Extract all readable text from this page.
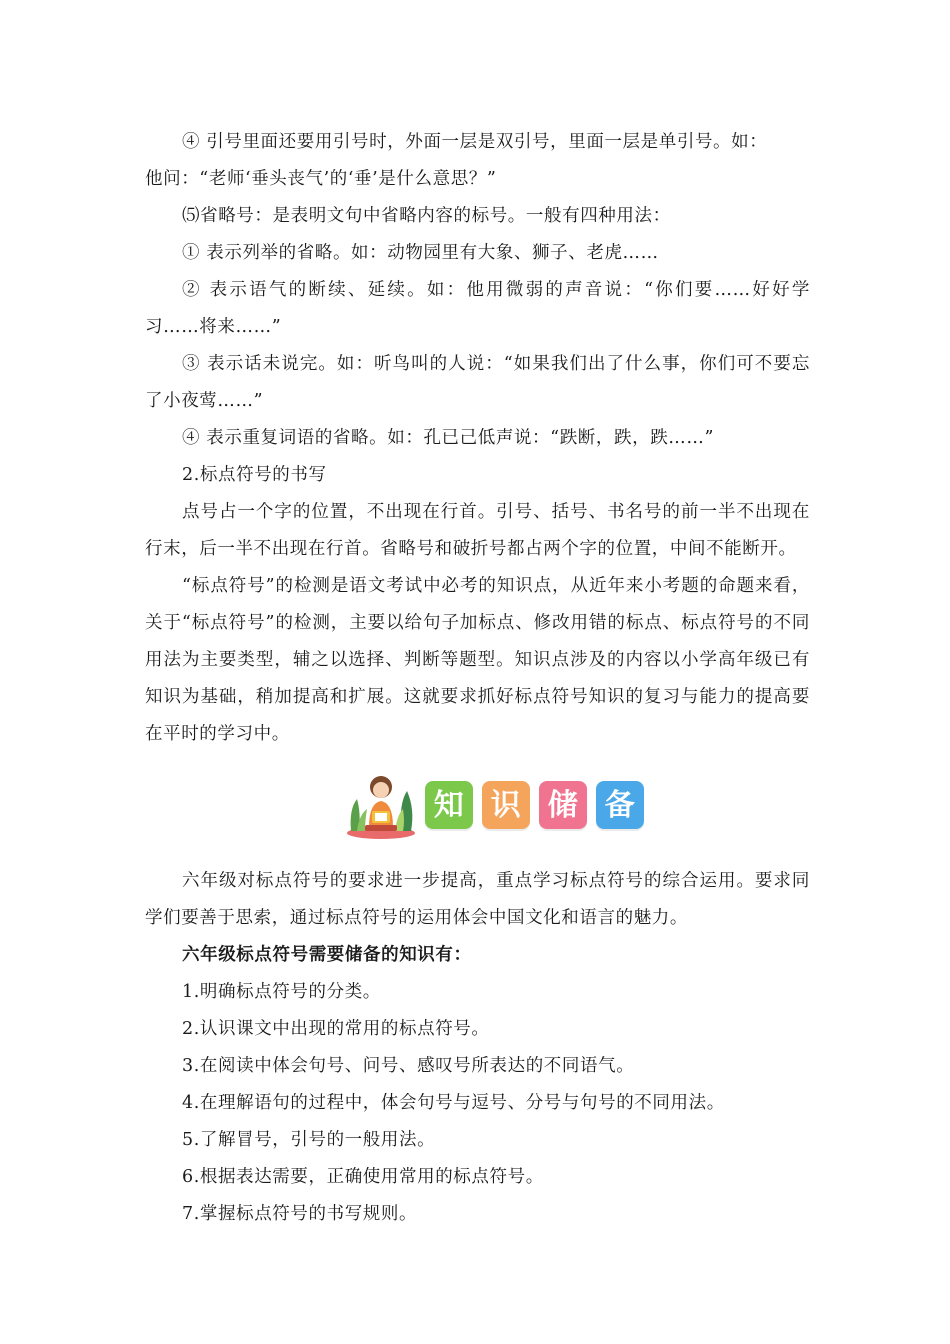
④ 引号里面还要用引号时，外面一层是双引号，里面一层是单引号。如：

他问：“老师‘垂头丧气’的‘垂’是什么意思？”

⑸省略号：是表明文句中省略内容的标号。一般有四种用法：

① 表示列举的省略。如：动物园里有大象、狮子、老虎……

② 表示语气的断续、延续。如：他用微弱的声音说：“你们要……好好学习……将来……”

③ 表示话未说完。如：听鸟叫的人说：“如果我们出了什么事，你们可不要忘了小夜莺……”

④ 表示重复词语的省略。如：孔已己低声说：“跌断，跌，跌……”

2.标点符号的书写

点号占一个字的位置，不出现在行首。引号、括号、书名号的前一半不出现在行末，后一半不出现在行首。省略号和破折号都占两个字的位置，中间不能断开。

“标点符号”的检测是语文考试中必考的知识点，从近年来小考题的命题来看，关于“标点符号”的检测，主要以给句子加标点、修改用错的标点、标点符号的不同用法为主要类型，辅之以选择、判断等题型。知识点涉及的内容以小学高年级已有知识为基础，稍加提高和扩展。这就要求抓好标点符号知识的复习与能力的提高要在平时的学习中。

知 识 储 备

六年级对标点符号的要求进一步提高，重点学习标点符号的综合运用。要求同学们要善于思索，通过标点符号的运用体会中国文化和语言的魅力。

六年级标点符号需要储备的知识有：

1.明确标点符号的分类。

2.认识课文中出现的常用的标点符号。

3.在阅读中体会句号、问号、感叹号所表达的不同语气。

4.在理解语句的过程中，体会句号与逗号、分号与句号的不同用法。

5.了解冒号，引号的一般用法。

6.根据表达需要，正确使用常用的标点符号。

7.掌握标点符号的书写规则。
